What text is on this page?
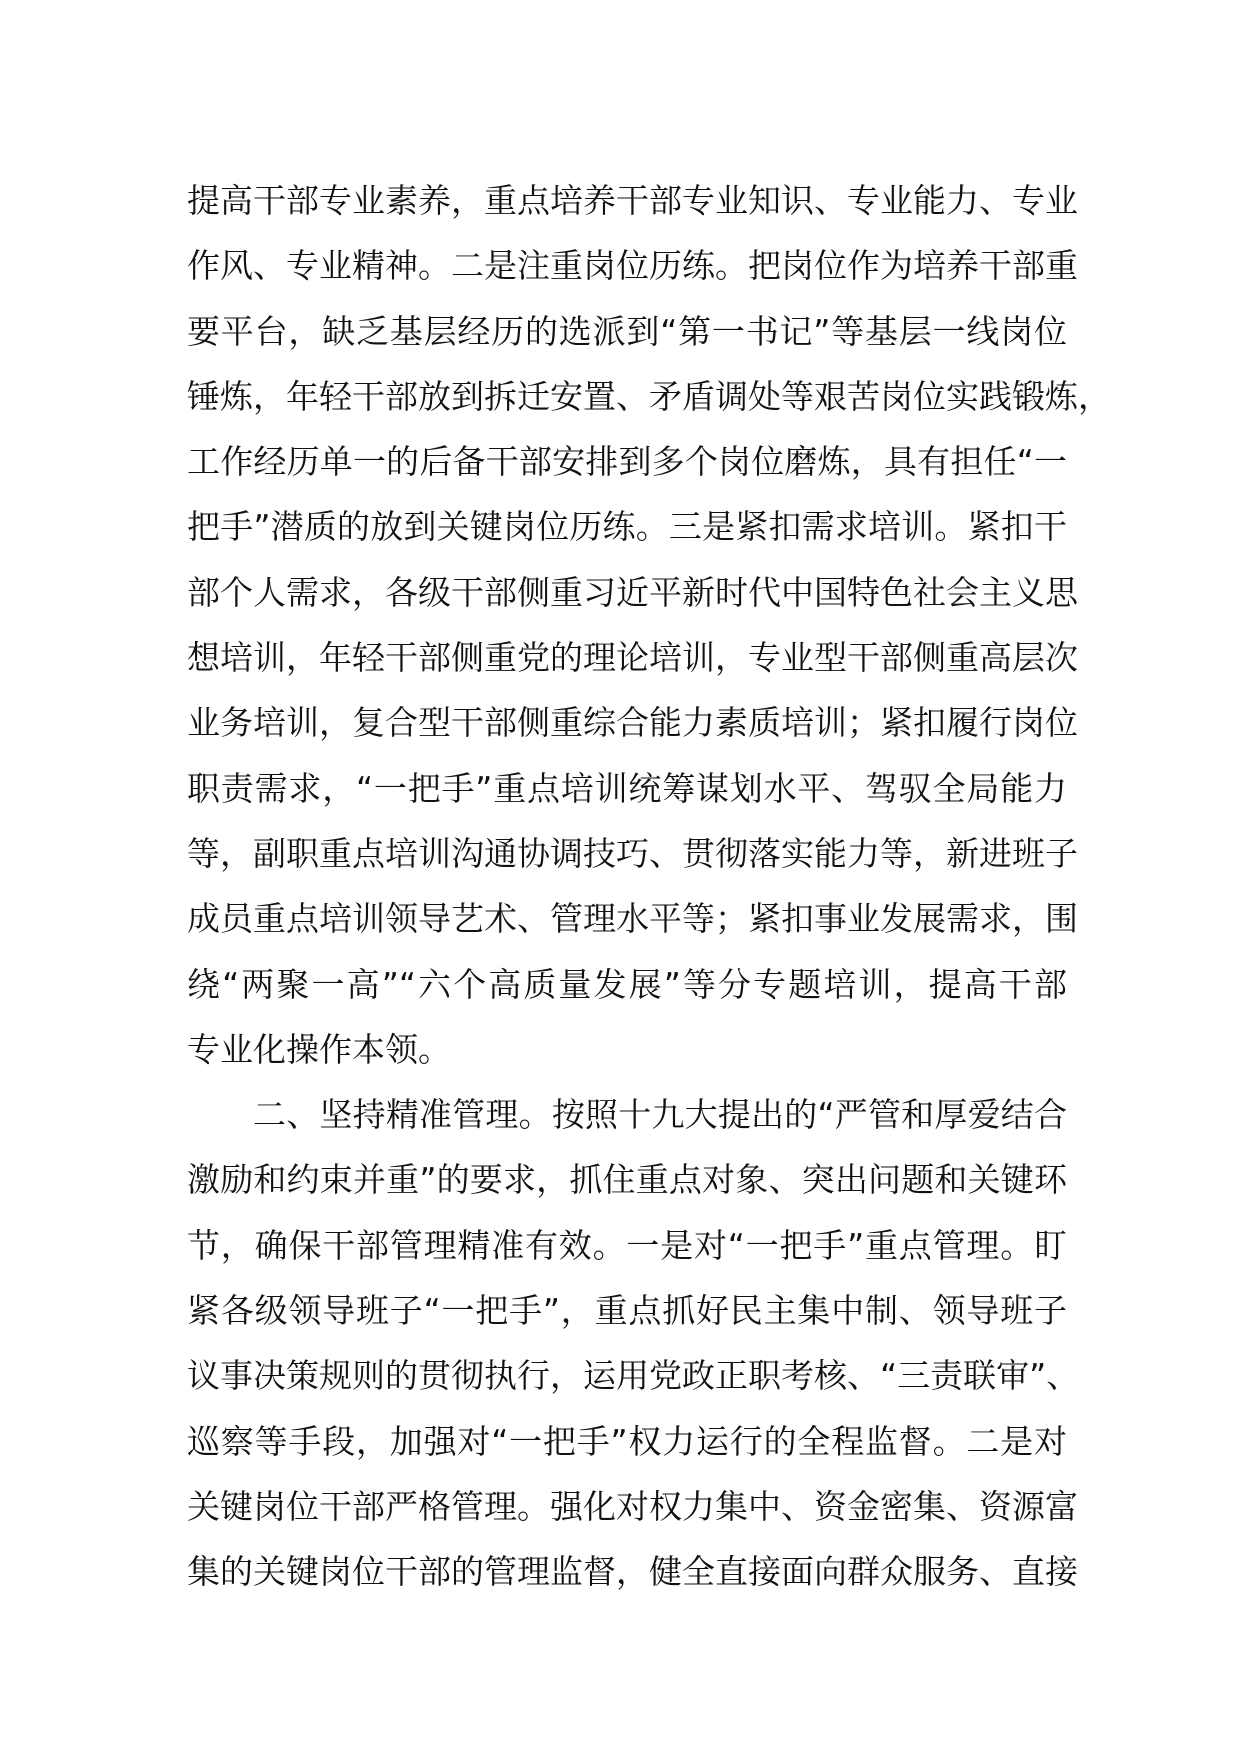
提高干部专业素养，重点培养干部专业知识、专业能力、专业
作风、专业精神。二是注重岗位历练。把岗位作为培养干部重
要平台，缺乏基层经历的选派到“第一书记”等基层一线岗位
锤炼，年轻干部放到拆迁安置、矛盾调处等艰苦岗位实践锻炼，
工作经历单一的后备干部安排到多个岗位磨炼，具有担任“一
把手”潜质的放到关键岗位历练。三是紧扣需求培训。紧扣干
部个人需求，各级干部侧重习近平新时代中国特色社会主义思
想培训，年轻干部侧重党的理论培训，专业型干部侧重高层次
业务培训，复合型干部侧重综合能力素质培训；紧扣履行岗位
职责需求，“一把手”重点培训统筹谋划水平、驾驭全局能力
等，副职重点培训沟通协调技巧、贯彻落实能力等，新进班子
成员重点培训领导艺术、管理水平等；紧扣事业发展需求，围
绕“两聚一高”“六个高质量发展”等分专题培训，提高干部
专业化操作本领。
二、坚持精准管理。按照十九大提出的“严管和厚爱结合
激励和约束并重”的要求，抓住重点对象、突出问题和关键环
节，确保干部管理精准有效。一是对“一把手”重点管理。盯
紧各级领导班子“一把手”，重点抓好民主集中制、领导班子
议事决策规则的贯彻执行，运用党政正职考核、“三责联审”、
巡察等手段，加强对“一把手”权力运行的全程监督。二是对
关键岗位干部严格管理。强化对权力集中、资金密集、资源富
集的关键岗位干部的管理监督，健全直接面向群众服务、直接
